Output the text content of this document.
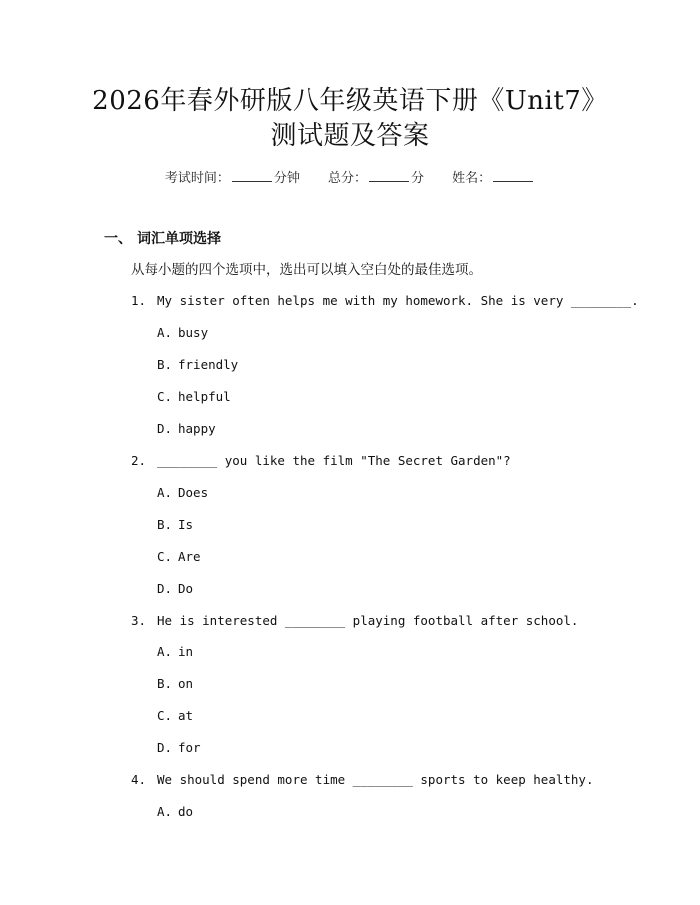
2026年春外研版八年级英语下册《Unit7》
测试题及答案
考试时间：	分钟 总分：	分 姓名：
一、 词汇单项选择
从每小题的四个选项中，选出可以填入空白处的最佳选项。
1. My sister often helps me with my homework. She is very ________.
A. busy
B. friendly
C. helpful
D. happy
2. ________ you like the film "The Secret Garden"?
A. Does
B. Is
C. Are
D. Do
3. He is interested ________ playing football after school.
A. in
B. on
C. at
D. for
4. We should spend more time ________ sports to keep healthy.
A. do
